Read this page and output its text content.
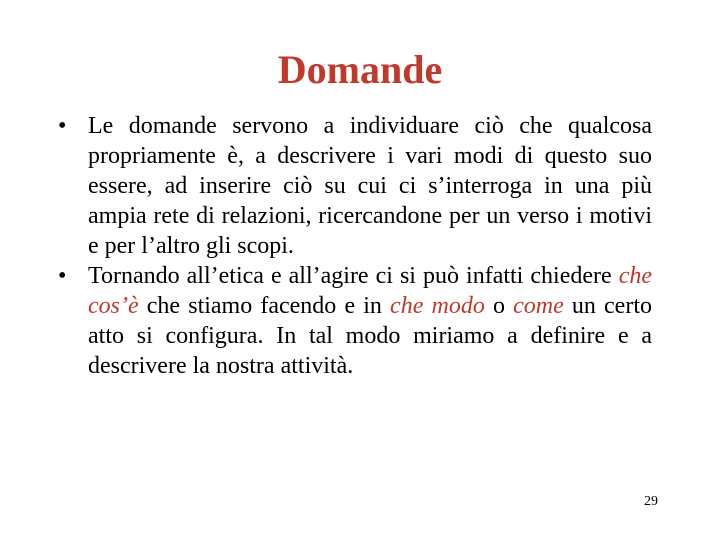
Domande
• Le domande servono a individuare ciò che qualcosa propriamente è, a descrivere i vari modi di questo suo essere, ad inserire ciò su cui ci s’interroga in una più ampia rete di relazioni, ricercandone per un verso i motivi e per l’altro gli scopi.
• Tornando all’etica e all’agire ci si può infatti chiedere che cos’è che stiamo facendo e in che modo o come un certo atto si configura. In tal modo miriamo a definire e a descrivere la nostra attività.
29
